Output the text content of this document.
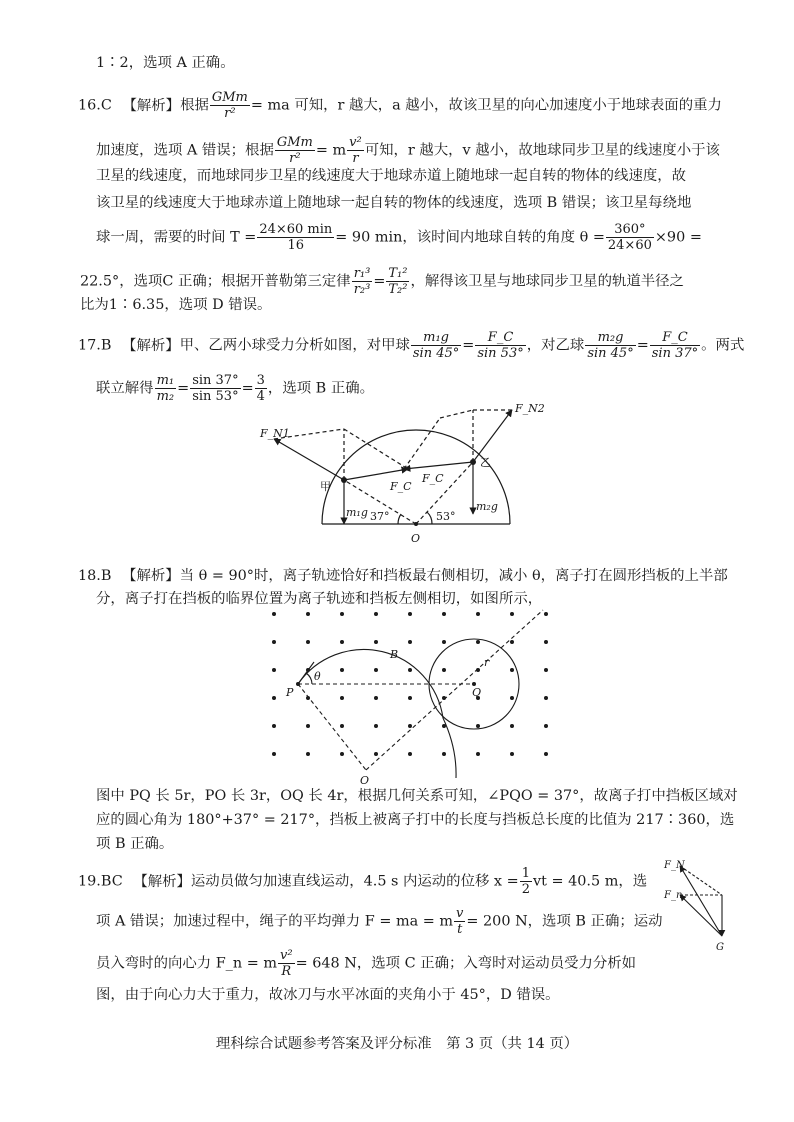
1∶2，选项 A 正确。
16.C 【解析】根据 $\frac{\text{GMm}}{\text{r²}}$ = ma 可知，r 越大，a 越小，故该卫星的向心加速度小于地球表面的重力
加速度，选项 A 错误；根据 $\frac{\text{GMm}}{\text{r²}} = m \frac{\text{v²}}{r}$ 可知，r 越大，v 越小，故地球同步卫星的线速度小于该
卫星的线速度，而地球同步卫星的线速度大于地球赤道上随地球一起自转的物体的线速度，故
该卫星的线速度大于地球赤道上随地球一起自转的物体的线速度，选项 B 错误；该卫星每绕地
球一周，需要的时间 $T = \frac{24\times 60 \min}{16} = 90$ min，该时间内地球自转的角度 $\theta = \frac{360^\circ}{24\times 60} \times 90$ =
22.5°，选项C 正确；根据开普勒第三定律 $\frac{\text{r₁³}}{\text{r₂³}} = \frac{\text{T₁²}}{\text{T₂²}}$ ，解得该卫星与地球同步卫星的轨道半径之
比为1∶6.35，选项 D 错误。
17.B 【解析】甲、乙两小球受力分析如图，对甲球 $\frac{\text{m₁g}}{\sin 45^\circ} = \frac{F\_C}{\sin 53^\circ}$ ，对乙球 $\frac{\text{m₂g}}{\sin 45^\circ} = \frac{F\_C}{\sin 37^\circ}$ 。两式
联立解得 $\frac{\text{m₁}}{\text{m₂}} = \frac{\sin 37^\circ}{\sin 53^\circ} = \frac{3}{4}$ ，选项 B 正确。
F_N1
F_N2
甲
乙
F_C
F_C
m₁g	m₂g
37°	53°
O
18.B 【解析】当 θ = 90°时，离子轨迹恰好和挡板最右侧相切，减小 θ，离子打在圆形挡板的上半部
分，离子打在挡板的临界位置为离子轨迹和挡板左侧相切，如图所示，
B
P
θ
Q
r
O
图中 PQ 长 5r，PO 长 3r，OQ 长 4r，根据几何关系可知，∠PQO = 37°，故离子打中挡板区域对
应的圆心角为 180°+37° = 217°，挡板上被离子打中的长度与挡板总长度的比值为 217∶360，选
项 B 正确。
19.BC 【解析】运动员做匀加速直线运动，4.5 s 内运动的位移 $x = \frac{1}{2}$ vt = 40.5 m，选
项 A 错误；加速过程中，绳子的平均弹力 F = ma = m $\frac{v}{t} = 200$ N，选项 B 正确；运动
员入弯时的向心力 F_n = m $\frac{\text{v²}}{R} = 648$ N，选项 C 正确；入弯时对运动员受力分析如
图，由于向心力大于重力，故冰刀与水平冰面的夹角小于 45°，D 错误。
F_N
F_n
G
理科综合试题参考答案及评分标准　第 3 页（共 14 页）
